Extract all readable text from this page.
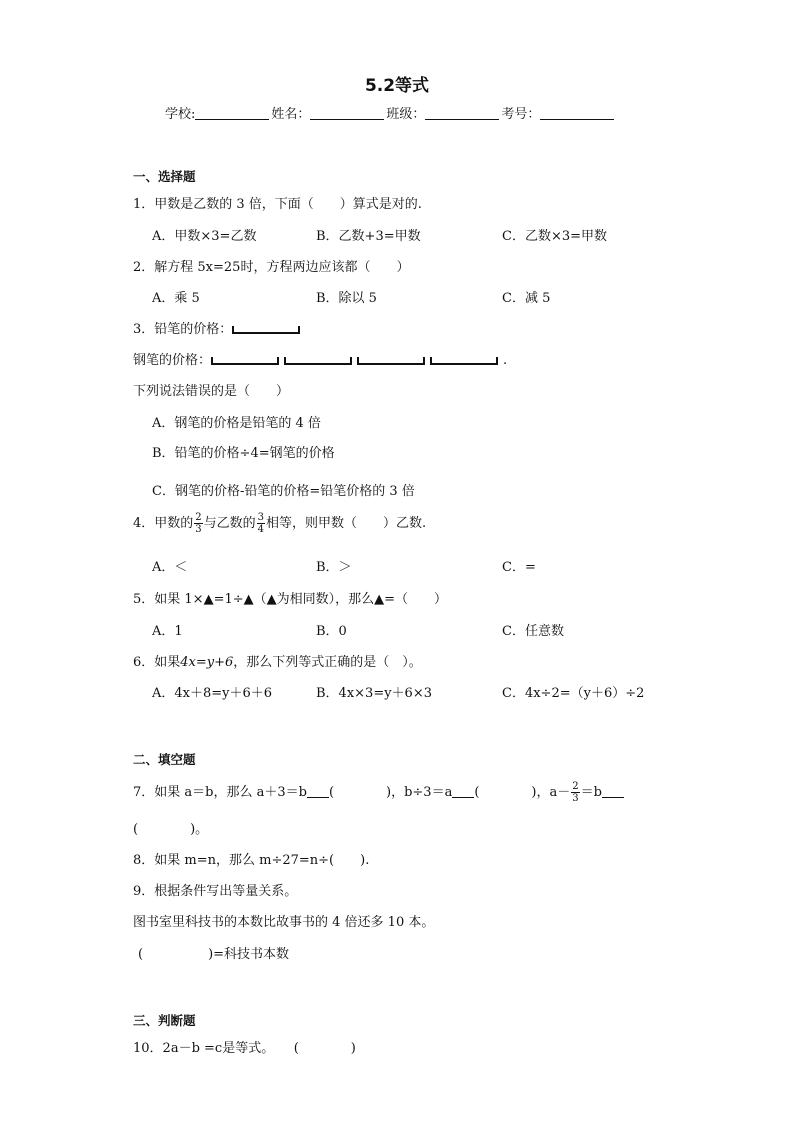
5.2等式
学校:	姓名：	班级：	考号：
一、选择题
1．甲数是乙数的 3 倍，下面（　　）算式是对的.
A．甲数×3=乙数	B．乙数+3=甲数	C．乙数×3=甲数
2．解方程 5x=25时，方程两边应该都（　　）
A．乘 5	B．除以 5	C．减 5
3．铅笔的价格：
钢笔的价格：	.
下列说法错误的是（　　）
A．钢笔的价格是铅笔的 4 倍
B．铅笔的价格÷4=钢笔的价格
C．钢笔的价格-铅笔的价格=铅笔价格的 3 倍
4．甲数的 $\frac{2}{3}$ 与乙数的 $\frac{3}{4}$ 相等，则甲数（　　）乙数.
A．＜	B．＞	C．=
5．如果 1×▲=1÷▲（▲为相同数），那么▲=（　　）
A．1	B．0	C．任意数
6．如果4x=y+6，那么下列等式正确的是（　）。
A．4x＋8=y＋6＋6	B．4x×3=y＋6×3	C．4x÷2=（y＋6）÷2
二、填空题
7．如果 a＝b，那么 a＋3＝b (　　　　)，b÷3＝a (　　　　)，$a- \frac{2}{3} =b$
(　　　　)。
8．如果 m=n，那么 m÷27=n÷(　　).
9．根据条件写出等量关系。
图书室里科技书的本数比故事书的 4 倍还多 10 本。
(　　　　　)=科技书本数
三、判断题
10．2a－b =c是等式。　　(　　　　)
